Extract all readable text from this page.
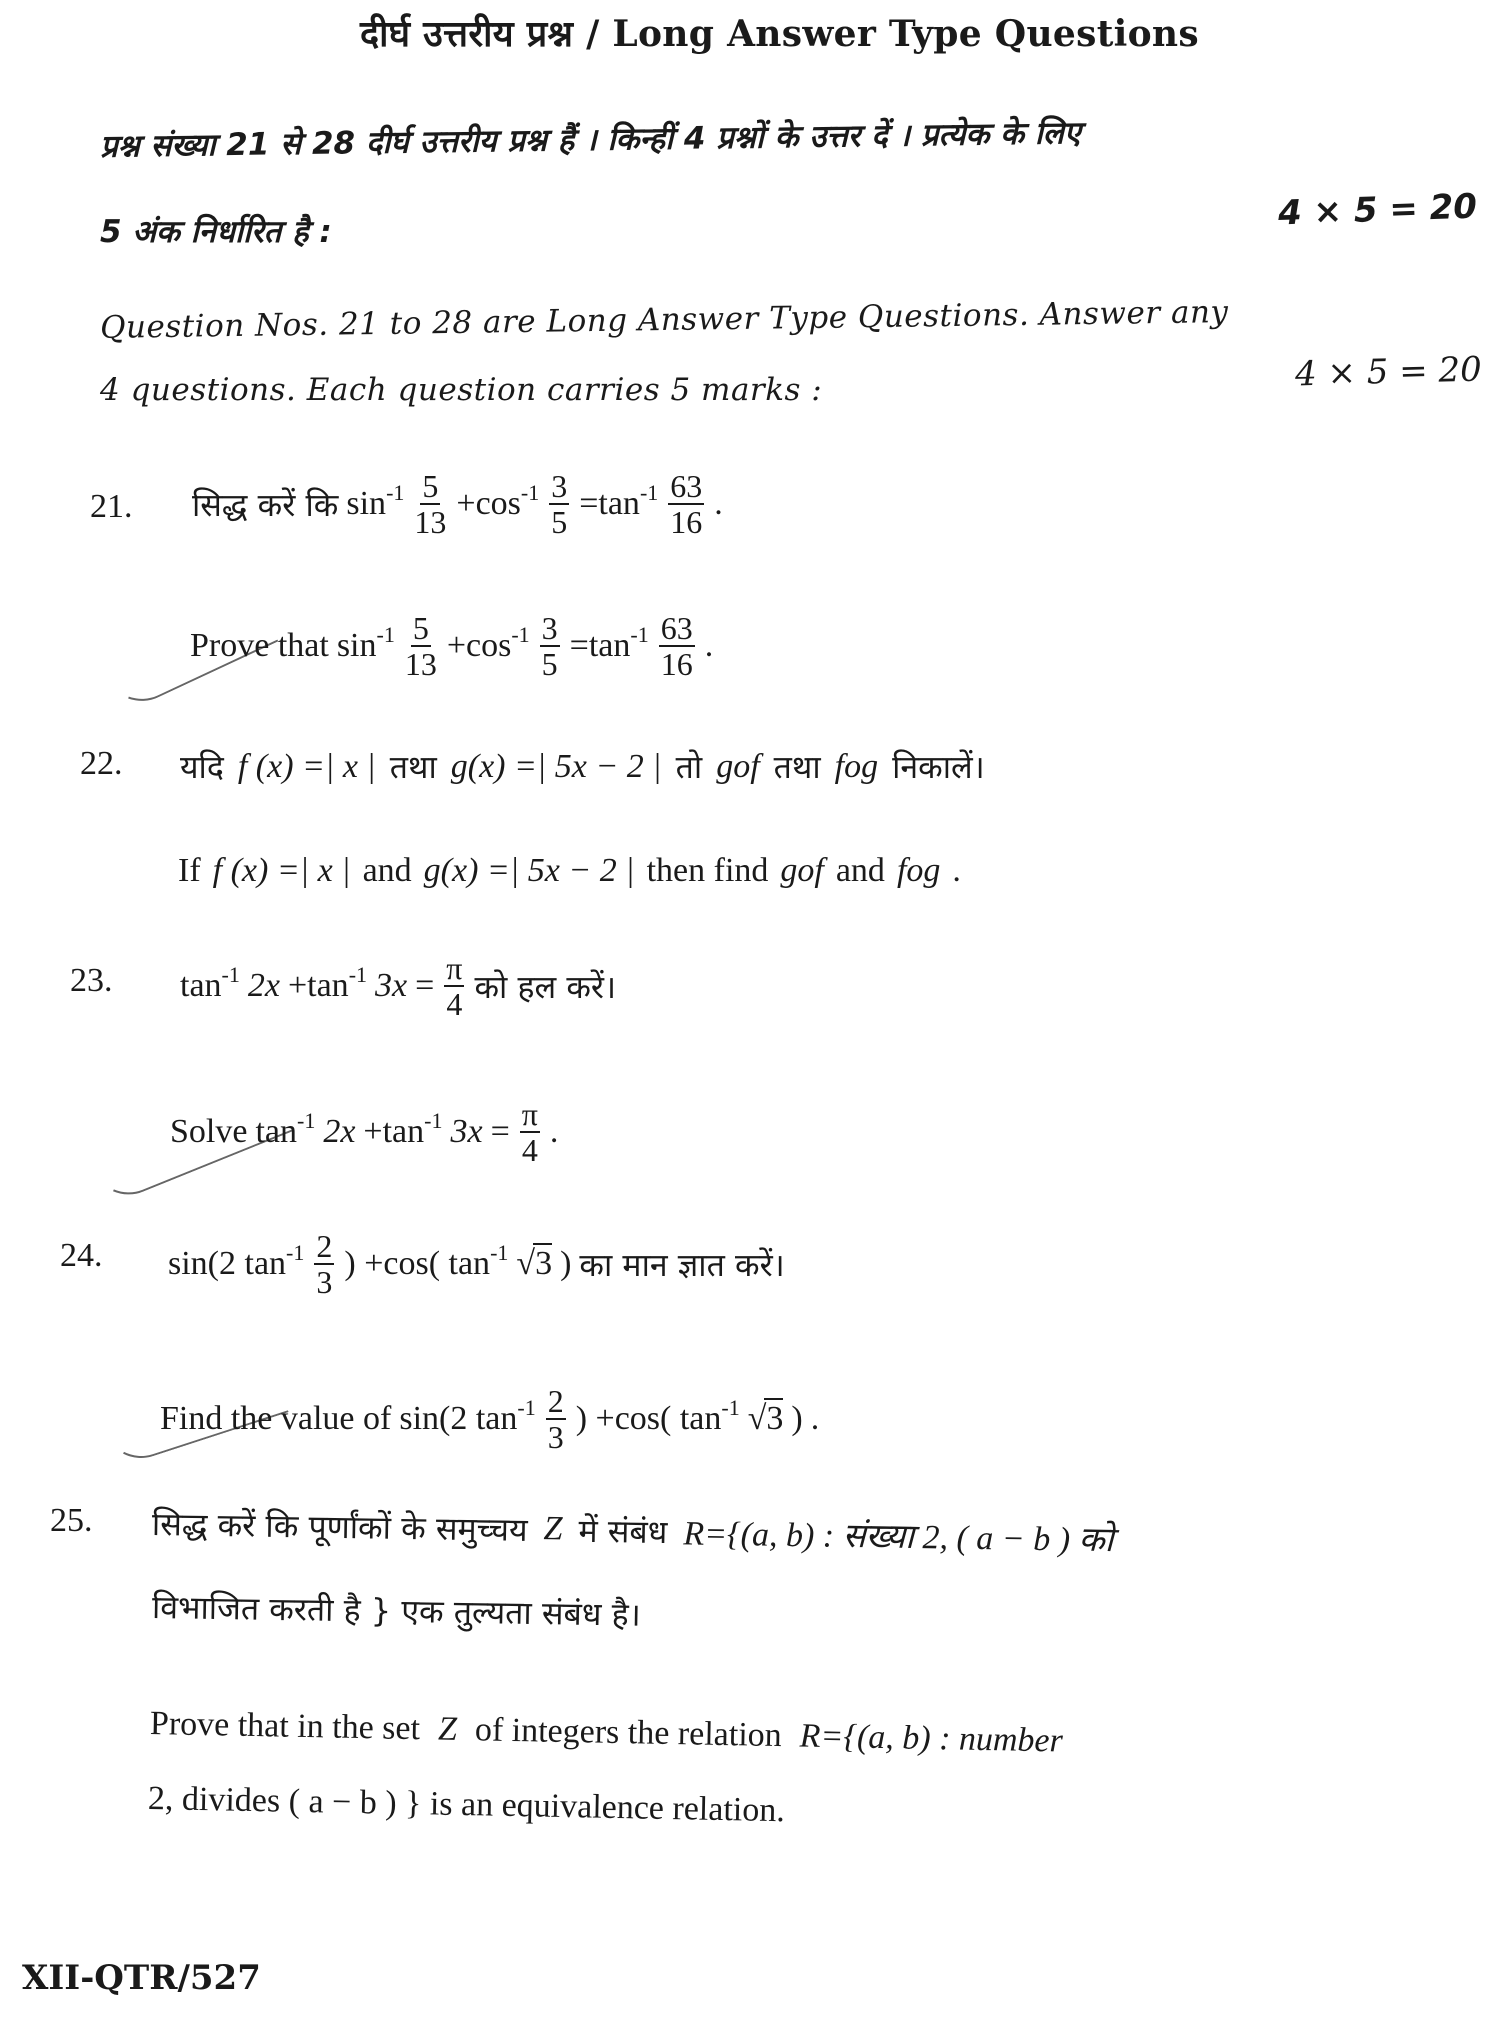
दीर्घ उत्तरीय प्रश्न / Long Answer Type Questions
प्रश्न संख्या 21 से 28 दीर्घ उत्तरीय प्रश्न हैं । किन्हीं 4 प्रश्नों के उत्तर दें । प्रत्येक के लिए
5 अंक निर्धारित है :	4 × 5 = 20
Question Nos. 21 to 28 are Long Answer Type Questions. Answer any
4 questions. Each question carries 5 marks :	4 × 5 = 20
21. सिद्ध करें कि $\sin^{-1} \frac{5}{13} +\cos^{-1} \frac{3}{5} =\tan^{-1} \frac{63}{16}$ .
Prove that $\sin^{-1} \frac{5}{13} +\cos^{-1} \frac{3}{5} =\tan^{-1} \frac{63}{16}$ .
22. यदि f (x) =| x | तथा g(x) =| 5x − 2 | तो gof तथा fog निकालें।
If f (x) =| x | and g(x) =| 5x − 2 | then find gof and fog .
23. $\tan^{-1} 2x +\tan^{-1}$ $3x = \frac{\pi}{4}$ को हल करें।
Solve $\tan^{-1} 2x +\tan^{-1}$ $3x = \frac{\pi}{4}$ .
24. sin(2 $\tan^{-1} \frac{2}{3}$ ) +cos( $\tan^{-1} √3$ ) का मान ज्ञात करें।
Find the value of sin(2 $\tan^{-1} \frac{2}{3}$ ) +cos( $\tan^{-1} √3$ ) .
25. सिद्ध करें कि पूर्णांकों के समुच्चय Z में संबंध R={(a, b) : संख्या 2, ( a − b ) को
विभाजित करती है } एक तुल्यता संबंध है।
Prove that in the set Z of integers the relation R={(a, b) : number
2, divides ( a − b ) } is an equivalence relation.
XII-QTR/527
